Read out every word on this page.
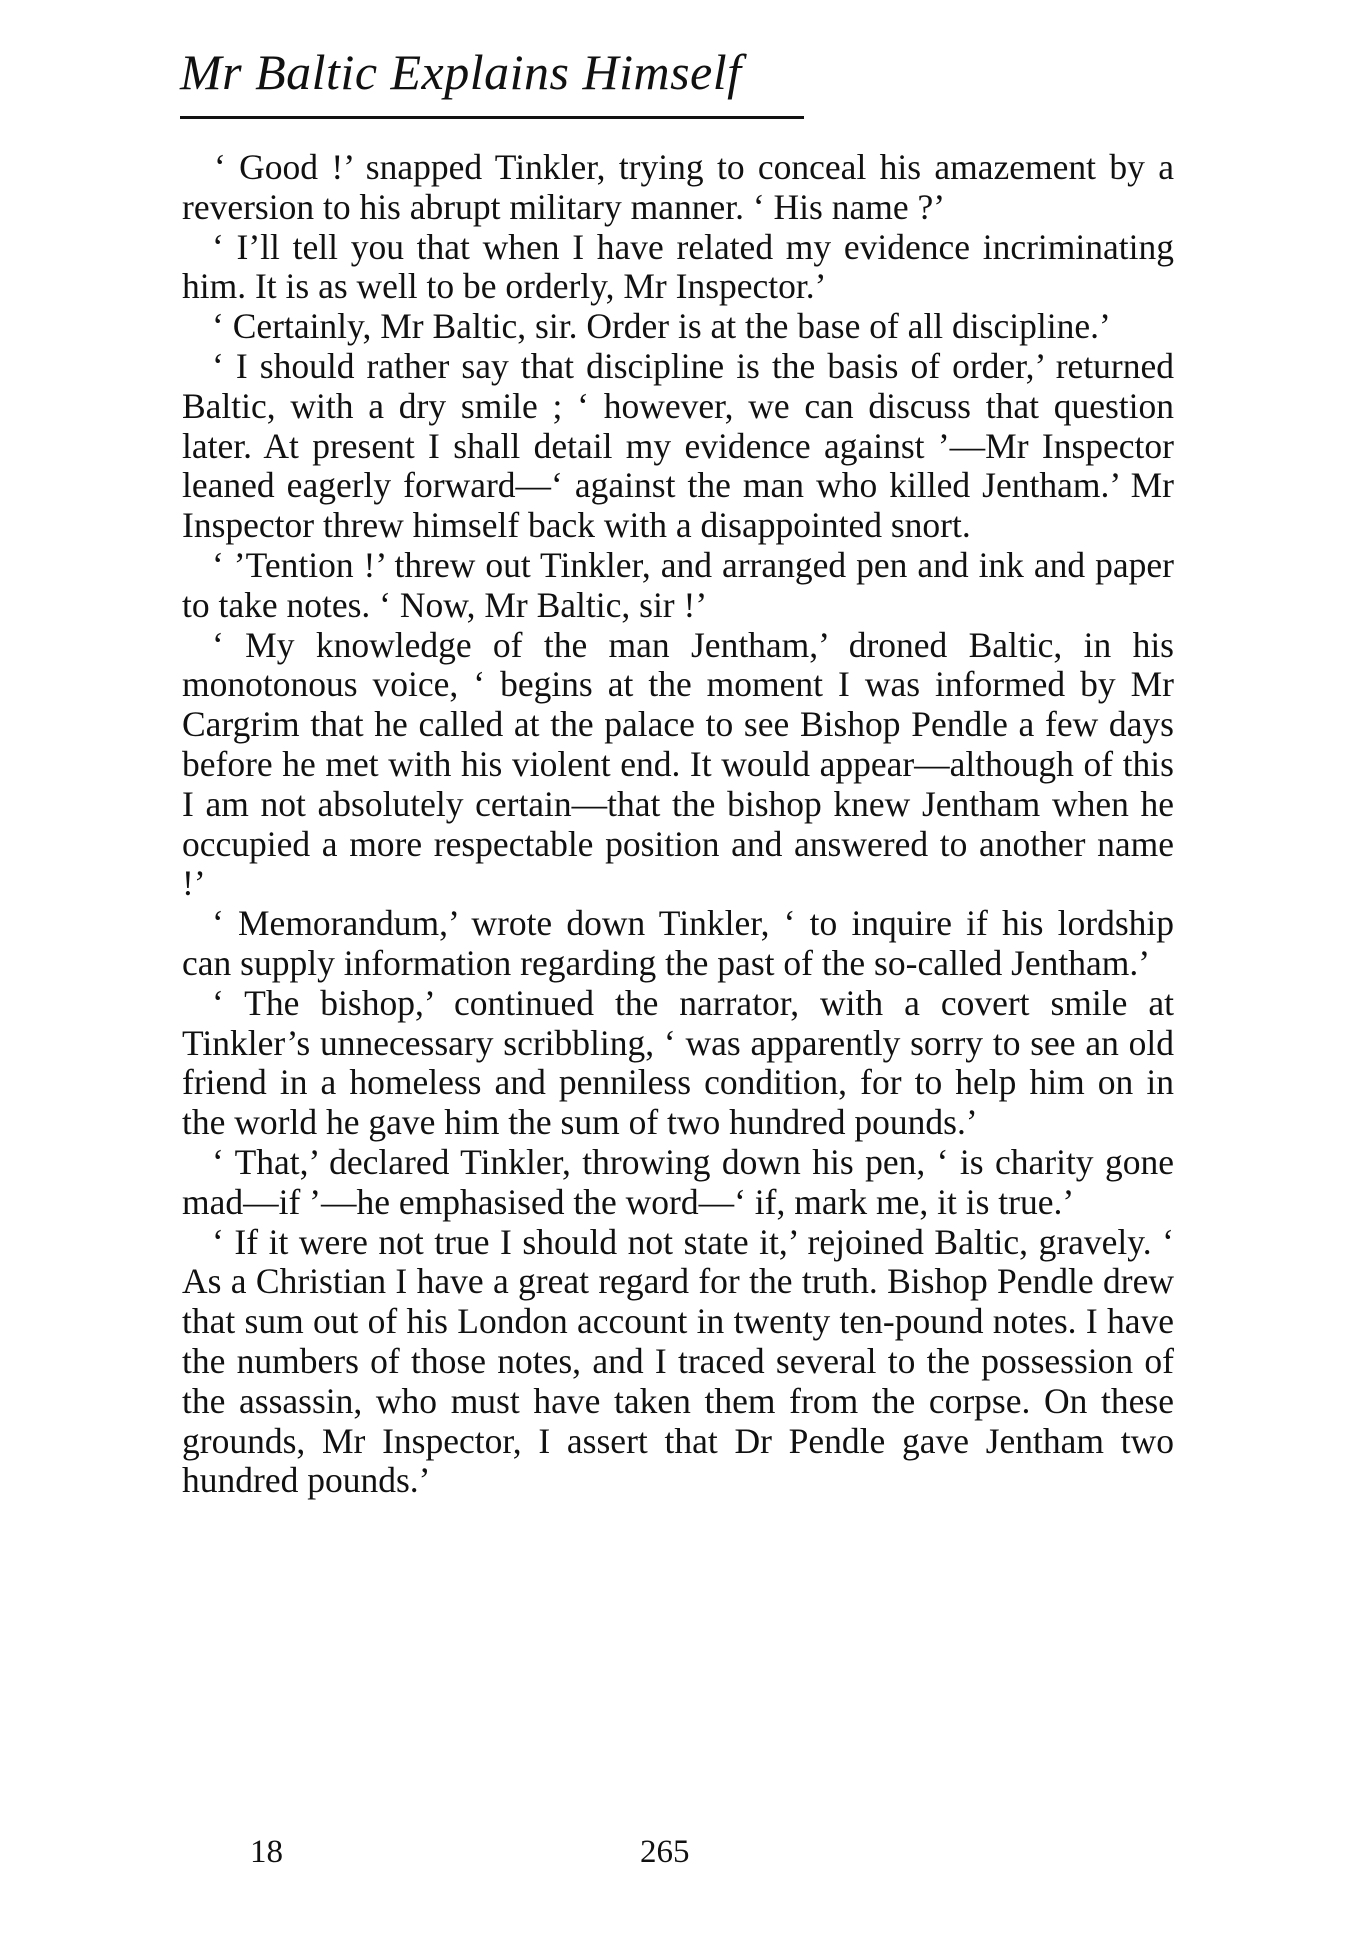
Mr Baltic Explains Himself

‘ Good !’ snapped Tinkler, trying to conceal his amazement by a reversion to his abrupt military manner. ‘ His name ?’

‘ I’ll tell you that when I have related my evidence incriminating him. It is as well to be orderly, Mr Inspector.’

‘ Certainly, Mr Baltic, sir. Order is at the base of all discipline.’

‘ I should rather say that discipline is the basis of order,’ returned Baltic, with a dry smile ; ‘ however, we can discuss that question later. At present I shall detail my evidence against ’—Mr Inspector leaned eagerly forward—‘ against the man who killed Jentham.’ Mr Inspector threw himself back with a disappointed snort.

‘ ’Tention !’ threw out Tinkler, and arranged pen and ink and paper to take notes. ‘ Now, Mr Baltic, sir !’

‘ My knowledge of the man Jentham,’ droned Baltic, in his monotonous voice, ‘ begins at the moment I was informed by Mr Cargrim that he called at the palace to see Bishop Pendle a few days before he met with his violent end. It would appear—although of this I am not absolutely certain—that the bishop knew Jentham when he occupied a more respectable position and answered to another name !’

‘ Memorandum,’ wrote down Tinkler, ‘ to inquire if his lordship can supply information regarding the past of the so-called Jentham.’

‘ The bishop,’ continued the narrator, with a covert smile at Tinkler’s unnecessary scribbling, ‘ was apparently sorry to see an old friend in a homeless and penniless condition, for to help him on in the world he gave him the sum of two hundred pounds.’

‘ That,’ declared Tinkler, throwing down his pen, ‘ is charity gone mad—if ’—he emphasised the word—‘ if, mark me, it is true.’

‘ If it were not true I should not state it,’ rejoined Baltic, gravely. ‘ As a Christian I have a great regard for the truth. Bishop Pendle drew that sum out of his London account in twenty ten-pound notes. I have the numbers of those notes, and I traced several to the possession of the assassin, who must have taken them from the corpse. On these grounds, Mr Inspector, I assert that Dr Pendle gave Jentham two hundred pounds.’

18	265
